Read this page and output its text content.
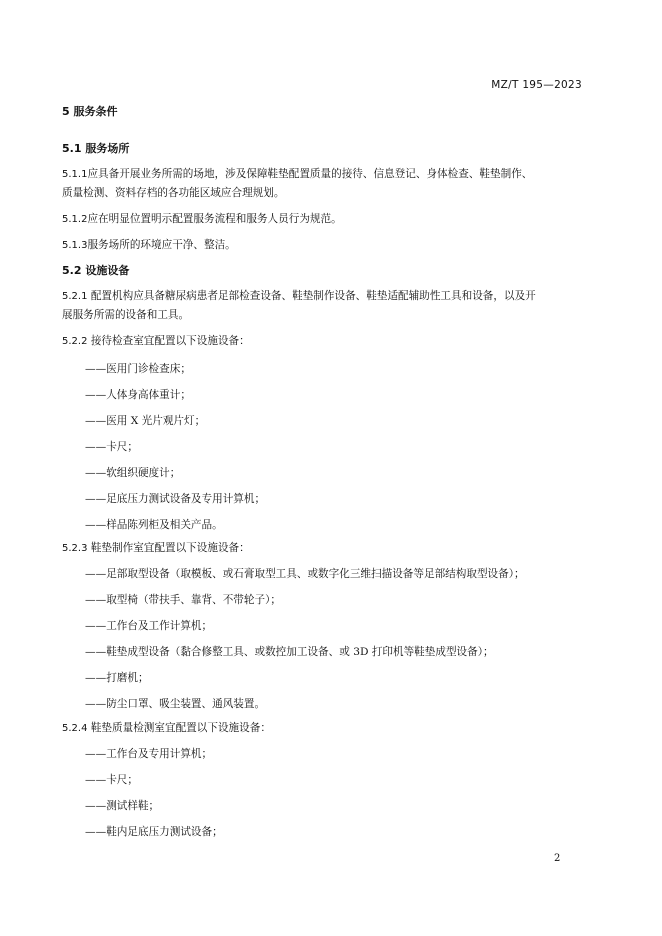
MZ/T 195—2023
5 服务条件
5.1 服务场所
5.1.1应具备开展业务所需的场地，涉及保障鞋垫配置质量的接待、信息登记、身体检查、鞋垫制作、
质量检测、资料存档的各功能区域应合理规划。
5.1.2应在明显位置明示配置服务流程和服务人员行为规范。
5.1.3服务场所的环境应干净、整洁。
5.2 设施设备
5.2.1 配置机构应具备糖尿病患者足部检查设备、鞋垫制作设备、鞋垫适配辅助性工具和设备，以及开
展服务所需的设备和工具。
5.2.2 接待检查室宜配置以下设施设备：
——医用门诊检查床；
——人体身高体重计；
——医用 X 光片观片灯；
——卡尺；
——软组织硬度计；
——足底压力测试设备及专用计算机；
——样品陈列柜及相关产品。
5.2.3 鞋垫制作室宜配置以下设施设备：
——足部取型设备（取模板、或石膏取型工具、或数字化三维扫描设备等足部结构取型设备）；
——取型椅（带扶手、靠背、不带轮子）；
——工作台及工作计算机；
——鞋垫成型设备（黏合修整工具、或数控加工设备、或 3D 打印机等鞋垫成型设备）；
——打磨机；
——防尘口罩、吸尘装置、通风装置。
5.2.4 鞋垫质量检测室宜配置以下设施设备：
——工作台及专用计算机；
——卡尺；
——测试样鞋；
——鞋内足底压力测试设备；
2
